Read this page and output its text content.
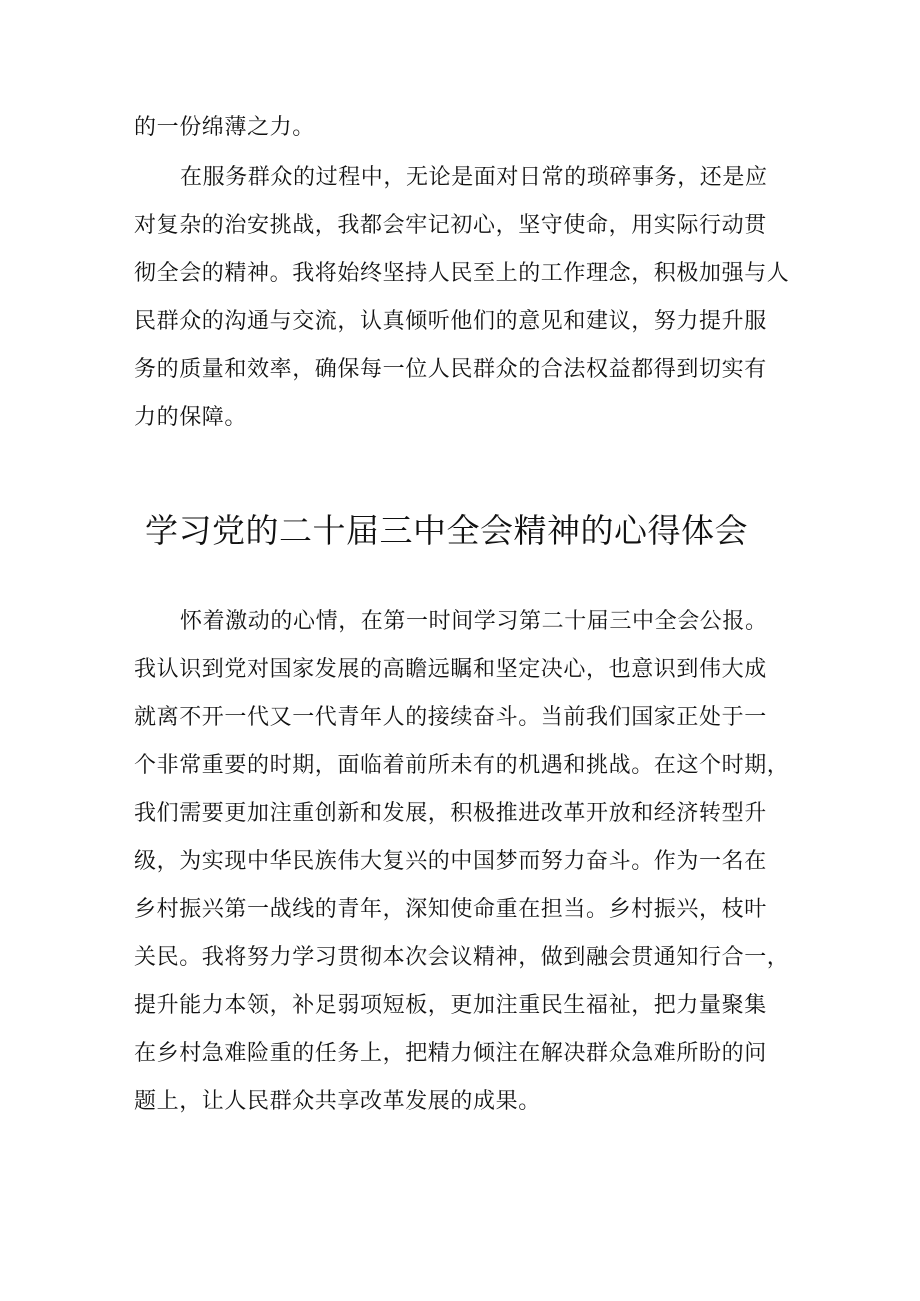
的一份绵薄之力。
在服务群众的过程中，无论是面对日常的琐碎事务，还是应
对复杂的治安挑战，我都会牢记初心，坚守使命，用实际行动贯
彻全会的精神。我将始终坚持人民至上的工作理念，积极加强与人
民群众的沟通与交流，认真倾听他们的意见和建议，努力提升服
务的质量和效率，确保每一位人民群众的合法权益都得到切实有
力的保障。
学习党的二十届三中全会精神的心得体会
怀着激动的心情，在第一时间学习第二十届三中全会公报。
我认识到党对国家发展的高瞻远瞩和坚定决心，也意识到伟大成
就离不开一代又一代青年人的接续奋斗。当前我们国家正处于一
个非常重要的时期，面临着前所未有的机遇和挑战。在这个时期，
我们需要更加注重创新和发展，积极推进改革开放和经济转型升
级，为实现中华民族伟大复兴的中国梦而努力奋斗。作为一名在
乡村振兴第一战线的青年，深知使命重在担当。乡村振兴，枝叶
关民。我将努力学习贯彻本次会议精神，做到融会贯通知行合一，
提升能力本领，补足弱项短板，更加注重民生福祉，把力量聚集
在乡村急难险重的任务上，把精力倾注在解决群众急难所盼的问
题上，让人民群众共享改革发展的成果。
